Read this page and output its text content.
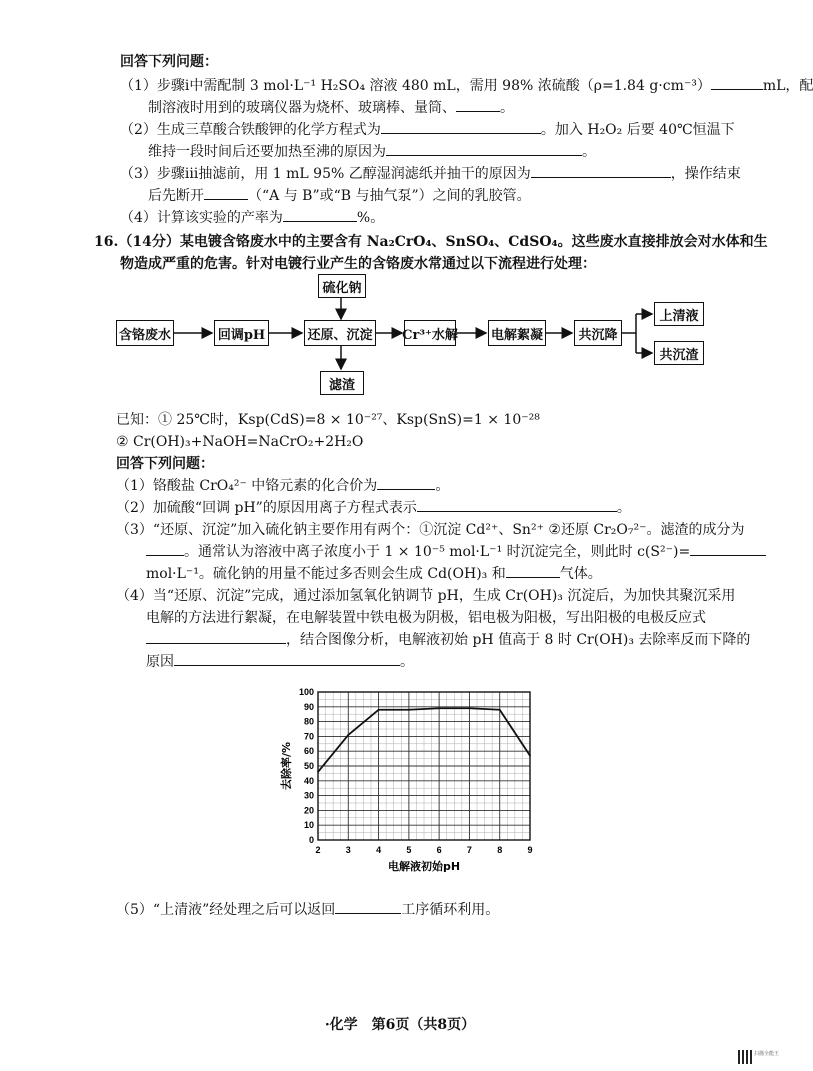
回答下列问题：
（1）步骤ⅰ中需配制 3 mol·L⁻¹ H₂SO₄ 溶液 480 mL，需用 98% 浓硫酸（ρ=1.84 g·cm⁻³）	mL，配
制溶液时用到的玻璃仪器为烧杯、玻璃棒、量筒、	。
（2）生成三草酸合铁酸钾的化学方程式为	。加入 H₂O₂ 后要 40℃恒温下
维持一段时间后还要加热至沸的原因为	。
（3）步骤ⅲ抽滤前，用 1 mL 95% 乙醇湿润滤纸并抽干的原因为	，操作结束
后先断开	（“A 与 B”或“B 与抽气泵”）之间的乳胶管。
（4）计算该实验的产率为	%。
16.（14分）某电镀含铬废水中的主要含有 Na₂CrO₄、SnSO₄、CdSO₄。这些废水直接排放会对水体和生
物造成严重的危害。针对电镀行业产生的含铬废水常通过以下流程进行处理：
含铬废水	回调pH	还原、沉淀 Cr³⁺水解	电解絮凝	共沉降
硫化钠
滤渣
上清液
共沉渣
已知：① 25℃时，Ksp(CdS)=8 × 10⁻²⁷、Ksp(SnS)=1 × 10⁻²⁸
② Cr(OH)₃+NaOH=NaCrO₂+2H₂O
回答下列问题：
（1）铬酸盐 CrO₄²⁻ 中铬元素的化合价为	。
（2）加硫酸“回调 pH”的原因用离子方程式表示	。
（3）“还原、沉淀”加入硫化钠主要作用有两个：①沉淀 Cd²⁺、Sn²⁺ ②还原 Cr₂O₇²⁻。滤渣的成分为
。通常认为溶液中离子浓度小于 1 × 10⁻⁵ mol·L⁻¹ 时沉淀完全，则此时 c(S²⁻)=
mol·L⁻¹。硫化钠的用量不能过多否则会生成 Cd(OH)₃ 和	气体。
（4）当“还原、沉淀”完成，通过添加氢氧化钠调节 pH，生成 Cr(OH)₃ 沉淀后，为加快其聚沉采用
电解的方法进行絮凝，在电解装置中铁电极为阴极，铝电极为阳极，写出阳极的电极反应式
，结合图像分析，电解液初始 pH 值高于 8 时 Cr(OH)₃ 去除率反而下降的
原因	。
2	3	4	5	6	7	8	9
0
10
20
30
40
50
60
70
80
90
100
电解液初始pH
去除率/%
（5）“上清液”经处理之后可以返回	工序循环利用。
·化学　第6页（共8页）
扫描全能王
